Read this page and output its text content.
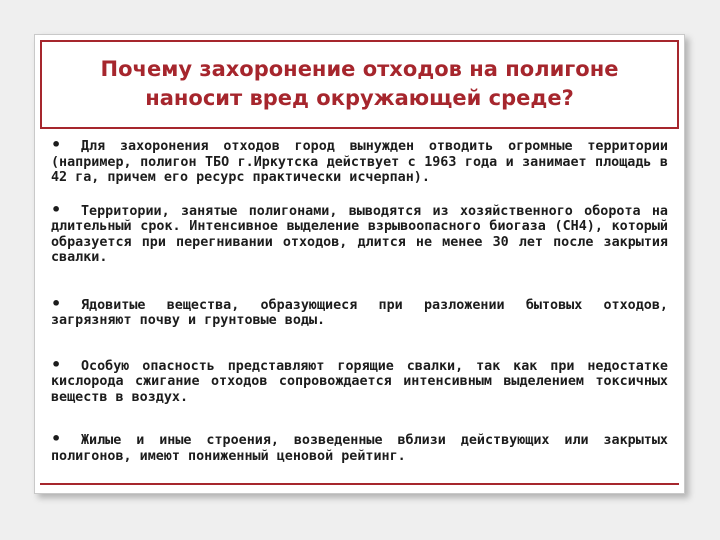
Почему захоронение отходов на полигоне
наносит вред окружающей среде?

• Для захоронения отходов город вынужден отводить огромные территории (например, полигон ТБО г.Иркутска действует с 1963 года и занимает площадь в 42 га, причем его ресурс практически исчерпан).

• Территории, занятые полигонами, выводятся из хозяйственного оборота на длительный срок. Интенсивное выделение взрывоопасного биогаза (СН4), который образуется при перегнивании отходов, длится не менее 30 лет после закрытия свалки.

• Ядовитые вещества, образующиеся при разложении бытовых отходов, загрязняют почву и грунтовые воды.

• Особую опасность представляют горящие свалки, так как при недостатке кислорода сжигание отходов сопровождается интенсивным выделением токсичных веществ в воздух.

• Жилые и иные строения, возведенные вблизи действующих или закрытых полигонов, имеют пониженный ценовой рейтинг.
